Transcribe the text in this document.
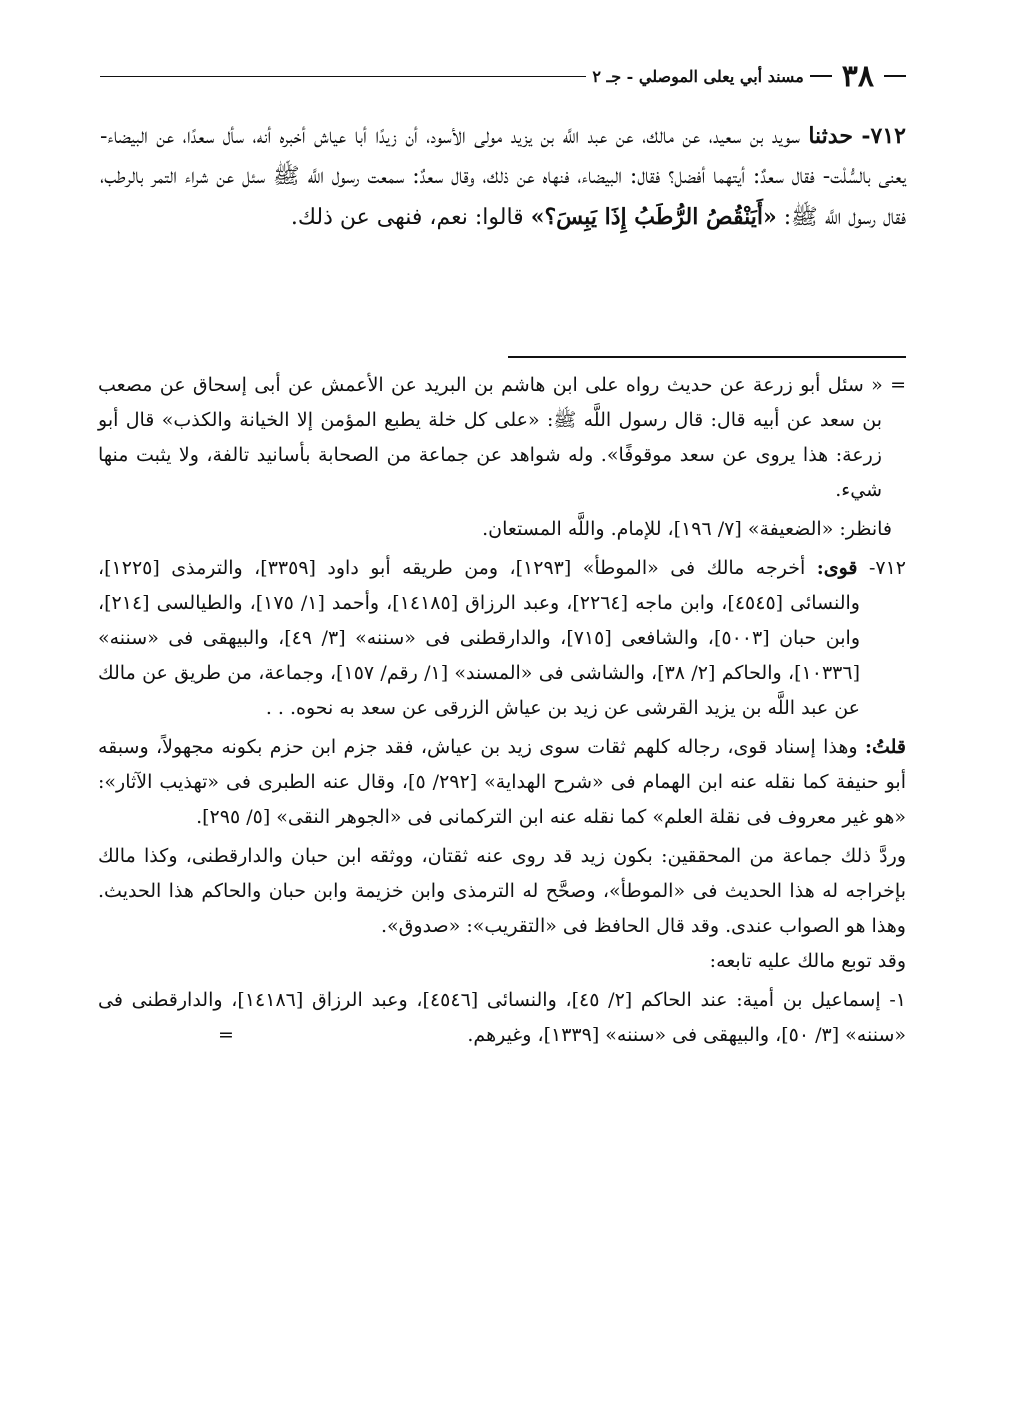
٣٨
مسند أبي يعلى الموصلي - جـ ٢

٧١٢- حدثنا سويد بن سعيد، عن مالك، عن عبد اللَّه بن يزيد مولى الأسود، أن زيدًا أبا عياش أخبره أنه، سأل سعدًا، عن البيضاء- يعنى بالسُّلْت- فقال سعدٌ: أيتهما أفضل؟ فقال: البيضاء، فنهاه عن ذلك، وقال سعدٌ: سمعت رسول اللَّه ﷺ سئل عن شراء التمر بالرطب، فقال رسول اللَّه ﷺ: «أَيَنْقُصُ الرُّطَبُ إِذَا يَبِسَ؟» قالوا: نعم، فنهى عن ذلك.

= « سئل أبو زرعة عن حديث رواه على ابن هاشم بن البريد عن الأعمش عن أبى إسحاق عن مصعب بن سعد عن أبيه قال: قال رسول اللَّه ﷺ: «على كل خلة يطبع المؤمن إلا الخيانة والكذب» قال أبو زرعة: هذا يروى عن سعد موقوفًا». وله شواهد عن جماعة من الصحابة بأسانيد تالفة، ولا يثبت منها شيء.

فانظر: «الضعيفة» [٧/ ١٩٦]، للإمام. واللَّه المستعان.

٧١٢- قوى: أخرجه مالك فى «الموطأ» [١٢٩٣]، ومن طريقه أبو داود [٣٣٥٩]، والترمذى [١٢٢٥]، والنسائى [٤٥٤٥]، وابن ماجه [٢٢٦٤]، وعبد الرزاق [١٤١٨٥]، وأحمد [١/ ١٧٥]، والطيالسى [٢١٤]، وابن حبان [٥٠٠٣]، والشافعى [٧١٥]، والدارقطنى فى «سننه» [٣/ ٤٩]، والبيهقى فى «سننه» [١٠٣٣٦]، والحاكم [٢/ ٣٨]، والشاشى فى «المسند» [١/ رقم/ ١٥٧]، وجماعة، من طريق عن مالك عن عبد اللَّه بن يزيد القرشى عن زيد بن عياش الزرقى عن سعد به نحوه. . .

قلتُ: وهذا إسناد قوى، رجاله كلهم ثقات سوى زيد بن عياش، فقد جزم ابن حزم بكونه مجهولاً، وسبقه أبو حنيفة كما نقله عنه ابن الهمام فى «شرح الهداية» [٢٩٢/ ٥]، وقال عنه الطبرى فى «تهذيب الآثار»: «هو غير معروف فى نقلة العلم» كما نقله عنه ابن التركمانى فى «الجوهر النقى» [٥/ ٢٩٥].

وردَّ ذلك جماعة من المحققين: بكون زيد قد روى عنه ثقتان، ووثقه ابن حبان والدارقطنى، وكذا مالك بإخراجه له هذا الحديث فى «الموطأ»، وصحَّح له الترمذى وابن خزيمة وابن حبان والحاكم هذا الحديث. وهذا هو الصواب عندى. وقد قال الحافظ فى «التقريب»: «صدوق».
وقد توبع مالك عليه تابعه:

١- إسماعيل بن أمية: عند الحاكم [٢/ ٤٥]، والنسائى [٤٥٤٦]، وعبد الرزاق [١٤١٨٦]، والدارقطنى فى «سننه» [٣/ ٥٠]، والبيهقى فى «سننه» [١٣٣٩]، وغيرهم.
=
